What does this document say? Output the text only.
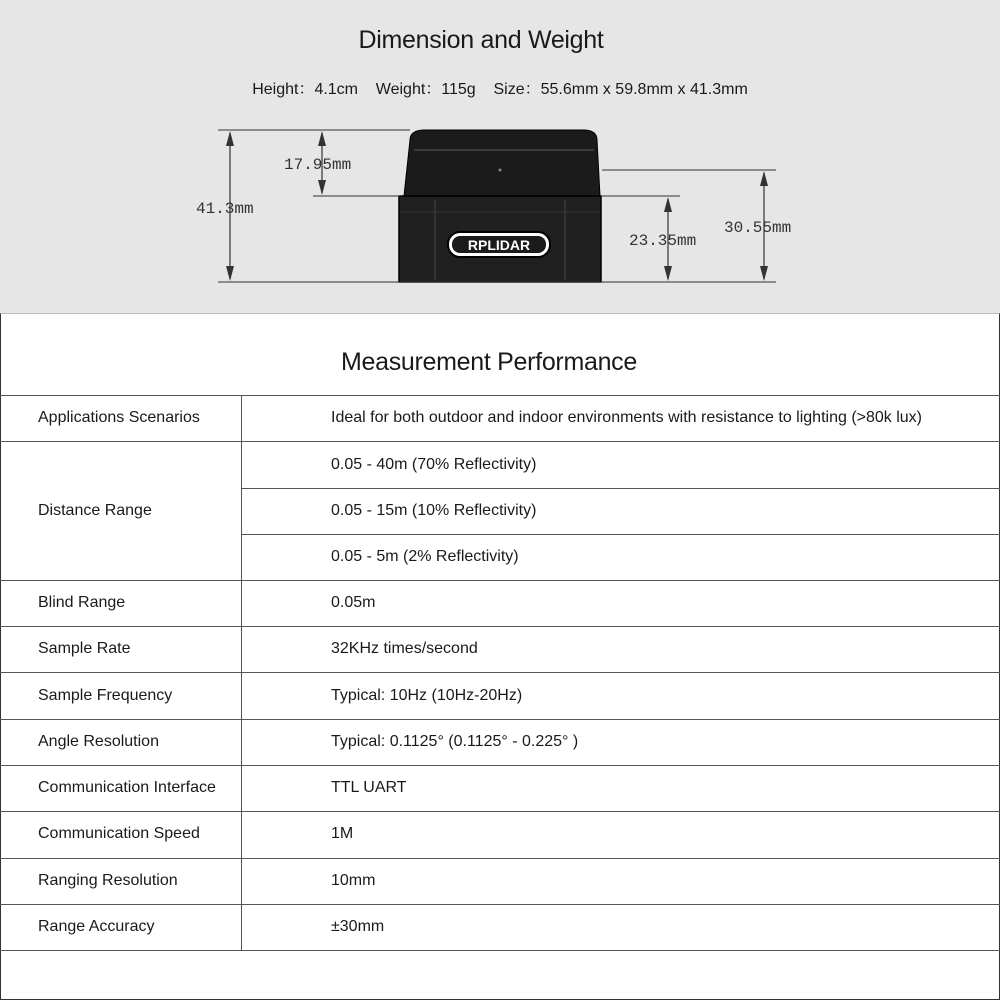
Dimension and Weight
Height：4.1cm    Weight：115g    Size：55.6mm x 59.8mm x 41.3mm
RPLIDAR
41.3mm
17.95mm
23.35mm
30.55mm
Measurement Performance
Applications Scenarios	Ideal for both outdoor and indoor environments with resistance to lighting (>80k lux)
Distance Range
0.05 - 40m (70% Reflectivity)
0.05 - 15m (10% Reflectivity)
0.05 - 5m (2% Reflectivity)
Blind Range	0.05m
Sample Rate	32KHz times/second
Sample Frequency	Typical: 10Hz (10Hz-20Hz)
Angle Resolution	Typical: 0.1125° (0.1125° - 0.225° )
Communication Interface	TTL UART
Communication Speed	1M
Ranging Resolution	10mm
Range Accuracy	±30mm
